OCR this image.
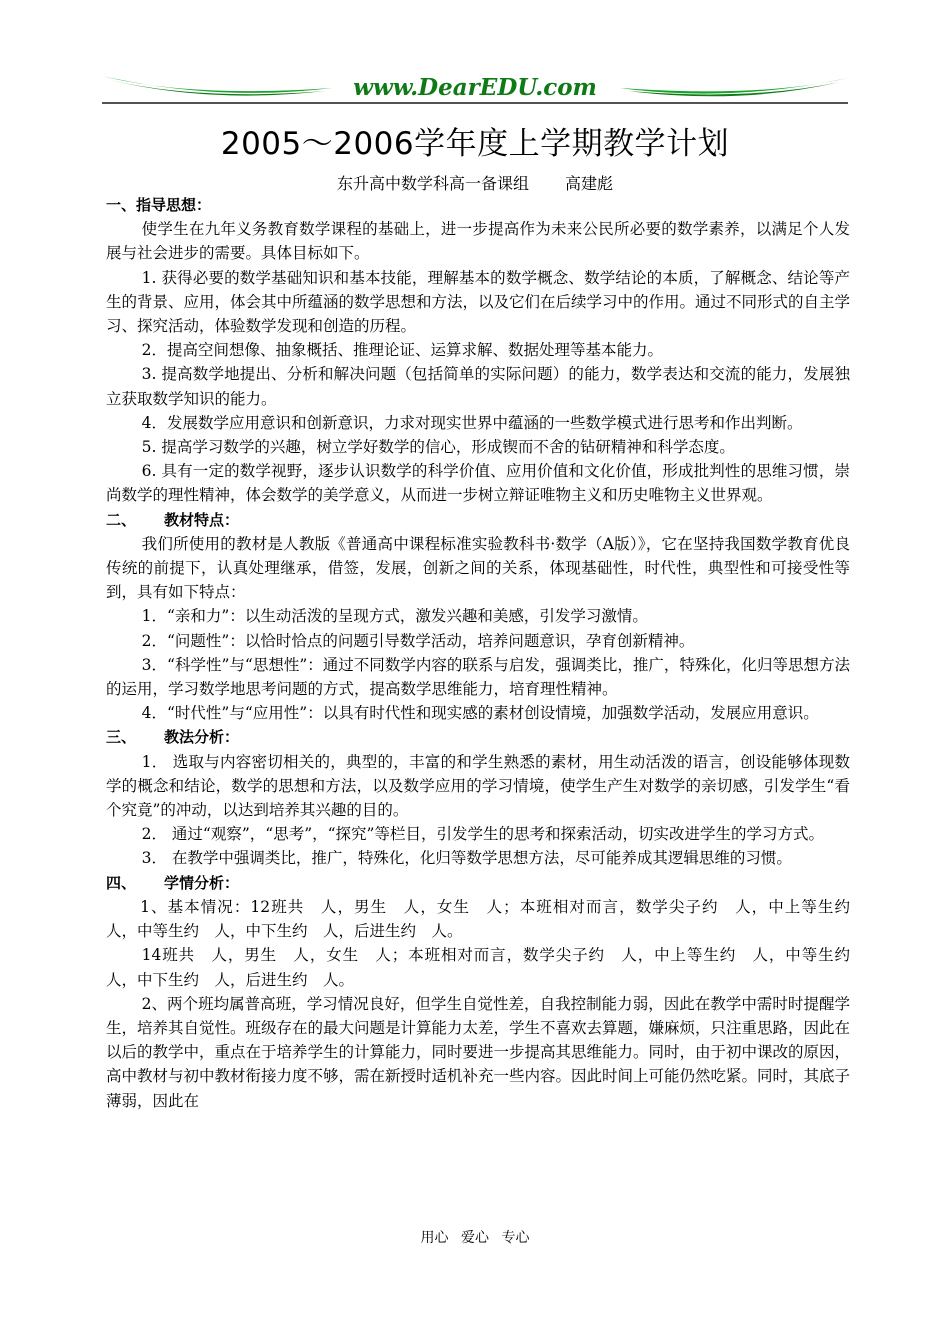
www.DearEDU.com
2005～2006学年度上学期教学计划
东升高中数学科高一备课组 高建彪

一、指导思想：

使学生在九年义务教育数学课程的基础上，进一步提高作为未来公民所必要的数学素养，以满足个人发展与社会进步的需要。具体目标如下。

1. 获得必要的数学基础知识和基本技能，理解基本的数学概念、数学结论的本质，了解概念、结论等产生的背景、应用，体会其中所蕴涵的数学思想和方法，以及它们在后续学习中的作用。通过不同形式的自主学习、探究活动，体验数学发现和创造的历程。

2．提高空间想像、抽象概括、推理论证、运算求解、数据处理等基本能力。

3. 提高数学地提出、分析和解决问题（包括简单的实际问题）的能力，数学表达和交流的能力，发展独立获取数学知识的能力。

4．发展数学应用意识和创新意识，力求对现实世界中蕴涵的一些数学模式进行思考和作出判断。

5. 提高学习数学的兴趣，树立学好数学的信心，形成锲而不舍的钻研精神和科学态度。

6. 具有一定的数学视野，逐步认识数学的科学价值、应用价值和文化价值，形成批判性的思维习惯，崇尚数学的理性精神，体会数学的美学意义，从而进一步树立辩证唯物主义和历史唯物主义世界观。

二、 教材特点：

我们所使用的教材是人教版《普通高中课程标准实验教科书·数学（A版）》，它在坚持我国数学教育优良传统的前提下，认真处理继承，借签，发展，创新之间的关系，体现基础性，时代性，典型性和可接受性等到，具有如下特点：

1．“亲和力”：以生动活泼的呈现方式，激发兴趣和美感，引发学习激情。

2．“问题性”：以恰时恰点的问题引导数学活动，培养问题意识，孕育创新精神。

3．“科学性”与“思想性”：通过不同数学内容的联系与启发，强调类比，推广，特殊化，化归等思想方法的运用，学习数学地思考问题的方式，提高数学思维能力，培育理性精神。

4．“时代性”与“应用性”：以具有时代性和现实感的素材创设情境，加强数学活动，发展应用意识。

三、 教法分析：

1． 选取与内容密切相关的，典型的，丰富的和学生熟悉的素材，用生动活泼的语言，创设能够体现数学的概念和结论，数学的思想和方法，以及数学应用的学习情境，使学生产生对数学的亲切感，引发学生“看个究竟”的冲动，以达到培养其兴趣的目的。

2． 通过“观察”，“思考”，“探究”等栏目，引发学生的思考和探索活动，切实改进学生的学习方式。

3． 在教学中强调类比，推广，特殊化，化归等数学思想方法，尽可能养成其逻辑思维的习惯。

四、 学情分析：

1、基本情况：12班共　人，男生　人，女生　人；本班相对而言，数学尖子约　人，中上等生约　人，中等生约　人，中下生约　人，后进生约　人。

14班共　人，男生　人，女生　人；本班相对而言，数学尖子约　人，中上等生约　人，中等生约　人，中下生约　人，后进生约　人。

2、两个班均属普高班，学习情况良好，但学生自觉性差，自我控制能力弱，因此在教学中需时时提醒学生，培养其自觉性。班级存在的最大问题是计算能力太差，学生不喜欢去算题，嫌麻烦，只注重思路，因此在以后的教学中，重点在于培养学生的计算能力，同时要进一步提高其思维能力。同时，由于初中课改的原因，高中教材与初中教材衔接力度不够，需在新授时适机补充一些内容。因此时间上可能仍然吃紧。同时，其底子薄弱，因此在

用心 爱心 专心
